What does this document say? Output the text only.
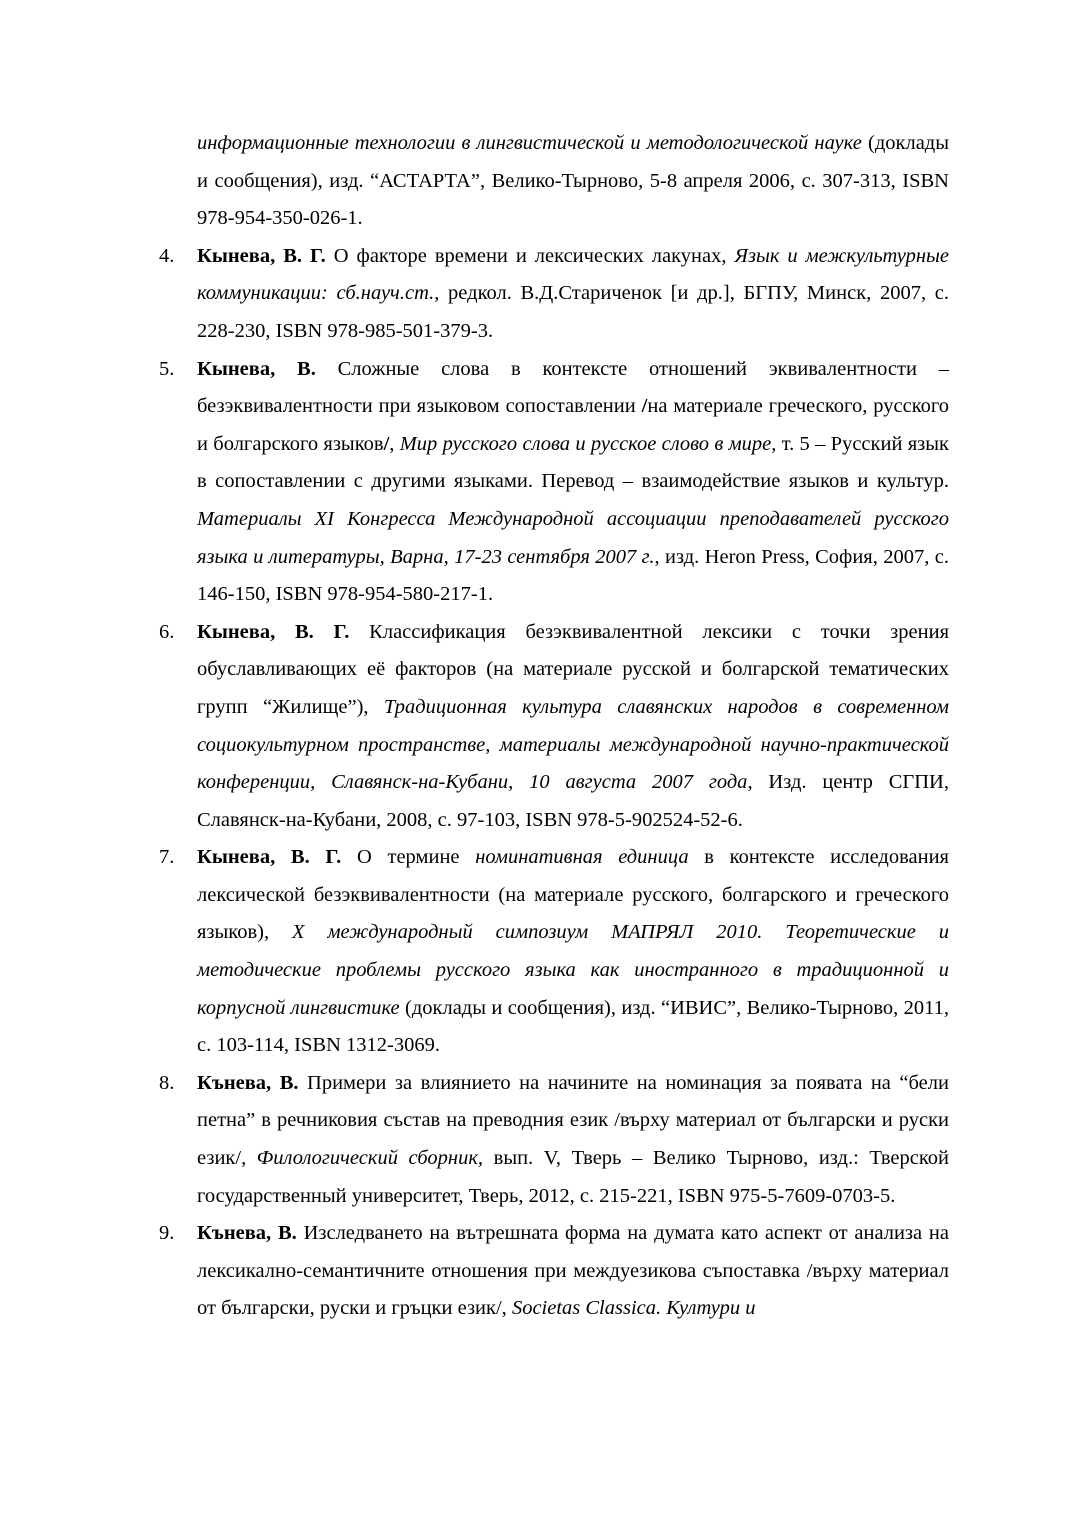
информационные технологии в лингвистической и методологической науке (доклады и сообщения), изд. “АСТАРТА”, Велико-Тырново, 5-8 апреля 2006, с. 307-313, ISBN 978-954-350-026-1.

4.	Кынева, В. Г. О факторе времени и лексических лакунах, Язык и межкультурные коммуникации: сб.науч.ст., редкол. В.Д.Стариченок [и др.], БГПУ, Минск, 2007, с. 228-230, ISBN 978-985-501-379-3.

5.	Кынева, В. Сложные слова в контексте отношений эквивалентности – безэквивалентности при языковом сопоставлении /на материале греческого, русского и болгарского языков/, Мир русского слова и русское слово в мире, т. 5 – Русский язык в сопоставлении с другими языками. Перевод – взаимодействие языков и культур. Материалы XI Конгресса Международной ассоциации преподавателей русского языка и литературы, Варна, 17-23 сентября 2007 г., изд. Heron Press, София, 2007, с. 146-150, ISBN 978-954-580-217-1.

6.	Кынева, В. Г. Классификация безэквивалентной лексики с точки зрения обуславливающих её факторов (на материале русской и болгарской тематических групп “Жилище”), Традиционная культура славянских народов в современном социокультурном пространстве, материалы международной научно-практической конференции, Славянск-на-Кубани, 10 августа 2007 года, Изд. центр СГПИ, Славянск-на-Кубани, 2008, с. 97-103, ISBN 978-5-902524-52-6.

7.	Кынева, В. Г. О термине номинативная единица в контексте исследования лексической безэквивалентности (на материале русского, болгарского и греческого языков), X международный симпозиум МАПРЯЛ 2010. Теоретические и методические проблемы русского языка как иностранного в традиционной и корпусной лингвистике (доклады и сообщения), изд. “ИВИС”, Велико-Тырново, 2011, с. 103-114, ISBN 1312-3069.

8.	Кънева, В. Примери за влиянието на начините на номинация за появата на “бели петна” в речниковия състав на преводния език /върху материал от български и руски език/, Филологический сборник, вып. V, Тверь – Велико Тырново, изд.: Тверской государственный университет, Тверь, 2012, с. 215-221, ISBN 975-5-7609-0703-5.

9.	Кънева, В. Изследването на вътрешната форма на думата като аспект от анализа на лексикално-семантичните отношения при междуезикова съпоставка /върху материал от български, руски и гръцки език/, Societas Classica. Култури и
